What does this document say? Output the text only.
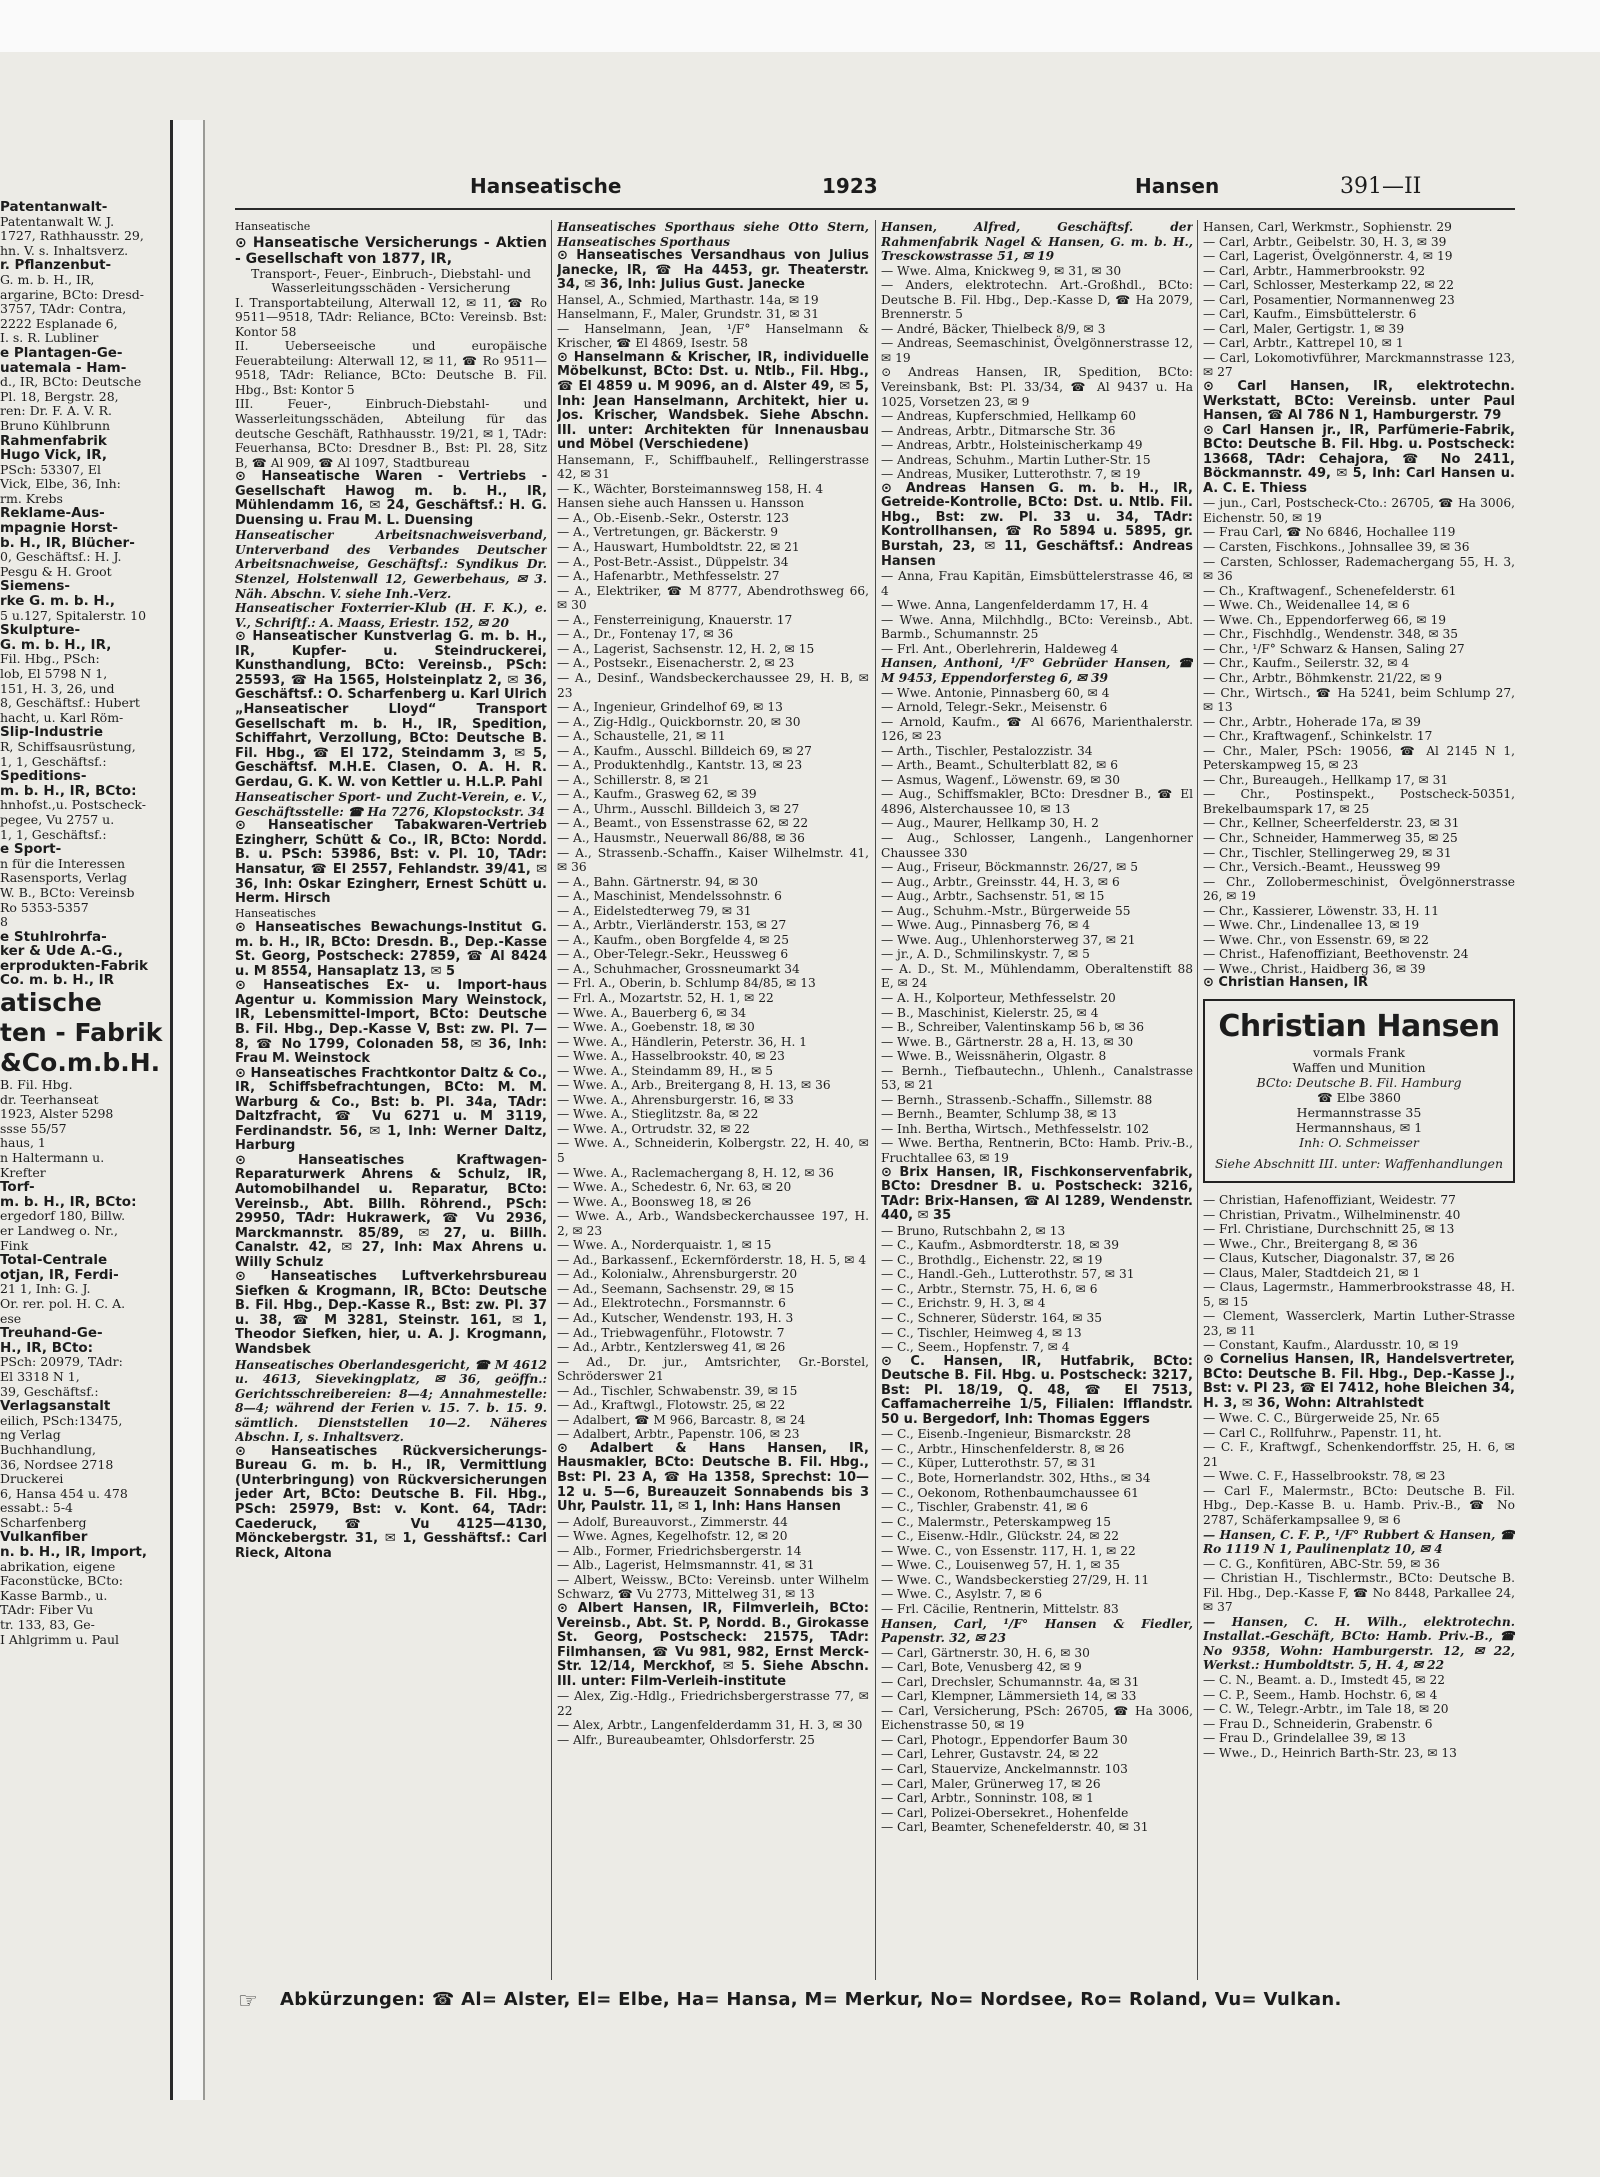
Patentanwalt-
Patentanwalt W. J.
1727, Rathhausstr. 29,
hn. V. s. Inhaltsverz.
r. Pflanzenbut-
G. m. b. H., IR,
argarine, BCto: Dresd-
3757, TAdr: Contra,
2222 Esplanade 6,
I. s. R. Lubliner
e Plantagen-Ge-
uatemala - Ham-
d., IR, BCto: Deutsche
Pl. 18, Bergstr. 28,
ren: Dr. F. A. V. R.
Bruno Kühlbrunn
Rahmenfabrik
Hugo Vick, IR,
PSch: 53307, El
Vick, Elbe, 36, Inh:
rm. Krebs
Reklame-Aus-
mpagnie Horst-
b. H., IR, Blücher-
0, Geschäftsf.: H. J.
Pesgu & H. Groot
Siemens-
rke G. m. b. H.,
5 u.127, Spitalerstr. 10
Skulpture-
G. m. b. H., IR,
Fil. Hbg., PSch:
lob, El 5798 N 1,
151, H. 3, 26, und
8, Geschäftsf.: Hubert
hacht, u. Karl Röm-
Slip-Industrie
R, Schiffsausrüstung,
1, 1, Geschäftsf.:
Speditions-
m. b. H., IR, BCto:
hnhofst.,u. Postscheck-
pegee, Vu 2757 u.
1, 1, Geschäftsf.:
e Sport-
n für die Interessen
Rasensports, Verlag
W. B., BCto: Vereinsb
Ro 5353-5357
8
e Stuhlrohrfa-
ker & Ude A.-G.,
erprodukten-Fabrik
Co. m. b. H., IR
atische
ten - Fabrik
&Co.m.b.H.
B. Fil. Hbg.
dr. Teerhanseat
1923, Alster 5298
ssse 55/57
haus, 1
n Haltermann u.
Krefter
Torf-
m. b. H., IR, BCto:
ergedorf 180, Billw.
er Landweg o. Nr.,
Fink
Total-Centrale
otjan, IR, Ferdi-
21 1, Inh: G. J.
Or. rer. pol. H. C. A.
ese
Treuhand-Ge-
H., IR, BCto:
PSch: 20979, TAdr:
El 3318 N 1,
39, Geschäftsf.:
Verlagsanstalt
eilich, PSch:13475,
ng Verlag
Buchhandlung,
36, Nordsee 2718
Druckerei
6, Hansa 454 u. 478
essabt.: 5-4
Scharfenberg
Vulkanfiber
n. b. H., IR, Import,
abrikation, eigene
Faconstücke, BCto:
Kasse Barmb., u.
TAdr: Fiber Vu
tr. 133, 83, Ge-
I Ahlgrimm u. Paul
Hanseatische	1923	Hansen	391—II
Hanseatische
⊙ Hanseatische Versicherungs - Aktien - Gesellschaft von 1877, IR,
Transport-, Feuer-, Einbruch-, Diebstahl- und Wasserleitungsschäden - Versicherung
I. Transportabteilung, Alterwall 12, ✉ 11, ☎ Ro 9511—9518, TAdr: Reliance, BCto: Vereinsb. Bst: Kontor 58
II. Ueberseeische und europäische Feuerabteilung: Alterwall 12, ✉ 11, ☎ Ro 9511—9518, TAdr: Reliance, BCto: Deutsche B. Fil. Hbg., Bst: Kontor 5
III. Feuer-, Einbruch-Diebstahl- und Wasserleitungsschäden, Abteilung für das deutsche Geschäft, Rathhausstr. 19/21, ✉ 1, TAdr: Feuerhansa, BCto: Dresdner B., Bst: Pl. 28, Sitz B, ☎ Al 909, ☎ Al 1097, Stadtbureau
⊙ Hanseatische Waren - Vertriebs - Gesellschaft Hawog m. b. H., IR, Mühlendamm 16, ✉ 24, Geschäftsf.: H. G. Duensing u. Frau M. L. Duensing
Hanseatischer Arbeitsnachweisverband, Unterverband des Verbandes Deutscher Arbeitsnachweise, Geschäftsf.: Syndikus Dr. Stenzel, Holstenwall 12, Gewerbehaus, ✉ 3. Näh. Abschn. V. siehe Inh.-Verz.
Hanseatischer Foxterrier-Klub (H. F. K.), e. V., Schriftf.: A. Maass, Eriestr. 152, ✉ 20
⊙ Hanseatischer Kunstverlag G. m. b. H., IR, Kupfer- u. Steindruckerei, Kunsthandlung, BCto: Vereinsb., PSch: 25593, ☎ Ha 1565, Holsteinplatz 2, ✉ 36, Geschäftsf.: O. Scharfenberg u. Karl Ulrich
„Hanseatischer Lloyd“ Transport Gesellschaft m. b. H., IR, Spedition, Schiffahrt, Verzollung, BCto: Deutsche B. Fil. Hbg., ☎ El 172, Steindamm 3, ✉ 5, Geschäftsf. M.H.E. Clasen, O. A. H. R. Gerdau, G. K. W. von Kettler u. H.L.P. Pahl
Hanseatischer Sport- und Zucht-Verein, e. V., Geschäftsstelle: ☎ Ha 7276, Klopstockstr. 34
⊙ Hanseatischer Tabakwaren-Vertrieb Ezingherr, Schütt & Co., IR, BCto: Nordd. B. u. PSch: 53986, Bst: v. Pl. 10, TAdr: Hansatur, ☎ El 2557, Fehlandstr. 39/41, ✉ 36, Inh: Oskar Ezingherr, Ernest Schütt u. Herm. Hirsch
Hanseatisches
⊙ Hanseatisches Bewachungs-Institut G. m. b. H., IR, BCto: Dresdn. B., Dep.-Kasse St. Georg, Postscheck: 27859, ☎ Al 8424 u. M 8554, Hansaplatz 13, ✉ 5
⊙ Hanseatisches Ex- u. Import-haus Agentur u. Kommission Mary Weinstock, IR, Lebensmittel-Import, BCto: Deutsche B. Fil. Hbg., Dep.-Kasse V, Bst: zw. Pl. 7—8, ☎ No 1799, Colonaden 58, ✉ 36, Inh: Frau M. Weinstock
⊙ Hanseatisches Frachtkontor Daltz & Co., IR, Schiffsbefrachtungen, BCto: M. M. Warburg & Co., Bst: b. Pl. 34a, TAdr: Daltzfracht, ☎ Vu 6271 u. M 3119, Ferdinandstr. 56, ✉ 1, Inh: Werner Daltz, Harburg
⊙ Hanseatisches Kraftwagen-Reparaturwerk Ahrens & Schulz, IR, Automobilhandel u. Reparatur, BCto: Vereinsb., Abt. Billh. Röhrend., PSch: 29950, TAdr: Hukrawerk, ☎ Vu 2936, Marckmannstr. 85/89, ✉ 27, u. Billh. Canalstr. 42, ✉ 27, Inh: Max Ahrens u. Willy Schulz
⊙ Hanseatisches Luftverkehrsbureau Siefken & Krogmann, IR, BCto: Deutsche B. Fil. Hbg., Dep.-Kasse R., Bst: zw. Pl. 37 u. 38, ☎ M 3281, Steinstr. 161, ✉ 1, Theodor Siefken, hier, u. A. J. Krogmann, Wandsbek
Hanseatisches Oberlandesgericht, ☎ M 4612 u. 4613, Sievekingplatz, ✉ 36, geöffn.: Gerichtsschreibereien: 8—4; Annahmestelle: 8—4; während der Ferien v. 15. 7. b. 15. 9. sämtlich. Dienststellen 10—2. Näheres Abschn. I, s. Inhaltsverz.
⊙ Hanseatisches Rückversicherungs-Bureau G. m. b. H., IR, Vermittlung (Unterbringung) von Rückversicherungen jeder Art, BCto: Deutsche B. Fil. Hbg., PSch: 25979, Bst: v. Kont. 64, TAdr: Caederuck, ☎ Vu 4125—4130, Mönckebergstr. 31, ✉ 1, Gesshäftsf.: Carl Rieck, Altona
Hanseatisches Sporthaus siehe Otto Stern, Hanseatisches Sporthaus
⊙ Hanseatisches Versandhaus von Julius Janecke, IR, ☎ Ha 4453, gr. Theaterstr. 34, ✉ 36, Inh: Julius Gust. Janecke
Hansel, A., Schmied, Marthastr. 14a, ✉ 19
Hanselmann, F., Maler, Grundstr. 31, ✉ 31
— Hanselmann, Jean, ¹/F° Hanselmann & Krischer, ☎ El 4869, Isestr. 58
⊙ Hanselmann & Krischer, IR, individuelle Möbelkunst, BCto: Dst. u. Ntlb., Fil. Hbg., ☎ El 4859 u. M 9096, an d. Alster 49, ✉ 5, Inh: Jean Hanselmann, Architekt, hier u. Jos. Krischer, Wandsbek. Siehe Abschn. III. unter: Architekten für Innenausbau und Möbel (Verschiedene)
Hansemann, F., Schiffbauhelf., Rellingerstrasse 42, ✉ 31
— K., Wächter, Borsteimannsweg 158, H. 4
Hansen siehe auch Hanssen u. Hansson
— A., Ob.-Eisenb.-Sekr., Osterstr. 123
— A., Vertretungen, gr. Bäckerstr. 9
— A., Hauswart, Humboldtstr. 22, ✉ 21
— A., Post-Betr.-Assist., Düppelstr. 34
— A., Hafenarbtr., Methfesselstr. 27
— A., Elektriker, ☎ M 8777, Abendrothsweg 66, ✉ 30
— A., Fensterreinigung, Knauerstr. 17
— A., Dr., Fontenay 17, ✉ 36
— A., Lagerist, Sachsenstr. 12, H. 2, ✉ 15
— A., Postsekr., Eisenacherstr. 2, ✉ 23
— A., Desinf., Wandsbeckerchaussee 29, H. B, ✉ 23
— A., Ingenieur, Grindelhof 69, ✉ 13
— A., Zig-Hdlg., Quickbornstr. 20, ✉ 30
— A., Schaustelle, 21, ✉ 11
— A., Kaufm., Ausschl. Billdeich 69, ✉ 27
— A., Produktenhdlg., Kantstr. 13, ✉ 23
— A., Schillerstr. 8, ✉ 21
— A., Kaufm., Grasweg 62, ✉ 39
— A., Uhrm., Ausschl. Billdeich 3, ✉ 27
— A., Beamt., von Essenstrasse 62, ✉ 22
— A., Hausmstr., Neuerwall 86/88, ✉ 36
— A., Strassenb.-Schaffn., Kaiser Wilhelmstr. 41, ✉ 36
— A., Bahn. Gärtnerstr. 94, ✉ 30
— A., Maschinist, Mendelssohnstr. 6
— A., Eidelstedterweg 79, ✉ 31
— A., Arbtr., Vierländerstr. 153, ✉ 27
— A., Kaufm., oben Borgfelde 4, ✉ 25
— A., Ober-Telegr.-Sekr., Heussweg 6
— A., Schuhmacher, Grossneumarkt 34
— Frl. A., Oberin, b. Schlump 84/85, ✉ 13
— Frl. A., Mozartstr. 52, H. 1, ✉ 22
— Wwe. A., Bauerberg 6, ✉ 34
— Wwe. A., Goebenstr. 18, ✉ 30
— Wwe. A., Händlerin, Peterstr. 36, H. 1
— Wwe. A., Hasselbrookstr. 40, ✉ 23
— Wwe. A., Steindamm 89, H., ✉ 5
— Wwe. A., Arb., Breitergang 8, H. 13, ✉ 36
— Wwe. A., Ahrensburgerstr. 16, ✉ 33
— Wwe. A., Stieglitzstr. 8a, ✉ 22
— Wwe. A., Ortrudstr. 32, ✉ 22
— Wwe. A., Schneiderin, Kolbergstr. 22, H. 40, ✉ 5
— Wwe. A., Raclemachergang 8, H. 12, ✉ 36
— Wwe. A., Schedestr. 6, Nr. 63, ✉ 20
— Wwe. A., Boonsweg 18, ✉ 26
— Wwe. A., Arb., Wandsbeckerchaussee 197, H. 2, ✉ 23
— Wwe. A., Norderquaistr. 1, ✉ 15
— Ad., Barkassenf., Eckernförderstr. 18, H. 5, ✉ 4
— Ad., Kolonialw., Ahrensburgerstr. 20
— Ad., Seemann, Sachsenstr. 29, ✉ 15
— Ad., Elektrotechn., Forsmannstr. 6
— Ad., Kutscher, Wendenstr. 193, H. 3
— Ad., Triebwagenführ., Flotowstr. 7
— Ad., Arbtr., Kentzlersweg 41, ✉ 26
— Ad., Dr. jur., Amtsrichter, Gr.-Borstel, Schröderswег 21
— Ad., Tischler, Schwabenstr. 39, ✉ 15
— Ad., Kraftwgl., Flotowstr. 25, ✉ 22
— Adalbert, ☎ M 966, Barcastr. 8, ✉ 24
— Adalbert, Arbtr., Papenstr. 106, ✉ 23
⊙ Adalbert & Hans Hansen, IR, Hausmakler, BCto: Deutsche B. Fil. Hbg., Bst: Pl. 23 A, ☎ Ha 1358, Sprechst: 10—12 u. 5—6, Bureauzeit Sonnabends bis 3 Uhr, Paulstr. 11, ✉ 1, Inh: Hans Hansen
— Adolf, Bureauvorst., Zimmerstr. 44
— Wwe. Agnes, Kegelhofstr. 12, ✉ 20
— Alb., Former, Friedrichsbergerstr. 14
— Alb., Lagerist, Helmsmannstr. 41, ✉ 31
— Albert, Weissw., BCto: Vereinsb. unter Wilhelm Schwarz, ☎ Vu 2773, Mittelweg 31, ✉ 13
⊙ Albert Hansen, IR, Filmverleih, BCto: Vereinsb., Abt. St. P, Nordd. B., Girokasse St. Georg, Postscheck: 21575, TAdr: Filmhansen, ☎ Vu 981, 982, Ernst Merck-Str. 12/14, Merckhof, ✉ 5. Siehe Abschn. III. unter: Film-Verleih-institute
— Alex, Zig.-Hdlg., Friedrichsbergerstrasse 77, ✉ 22
— Alex, Arbtr., Langenfelderdamm 31, H. 3, ✉ 30
— Alfr., Bureaubeamter, Ohlsdorferstr. 25
Hansen, Alfred, Geschäftsf. der Rahmenfabrik Nagel & Hansen, G. m. b. H., Tresckowstrasse 51, ✉ 19
— Wwe. Alma, Knickweg 9, ✉ 31, ✉ 30
— Anders, elektrotechn. Art.-Großhdl., BCto: Deutsche B. Fil. Hbg., Dep.-Kasse D, ☎ Ha 2079, Brennerstr. 5
— André, Bäcker, Thielbeck 8/9, ✉ 3
— Andreas, Seemaschinist, Övelgönnerstrasse 12, ✉ 19
⊙ Andreas Hansen, IR, Spedition, BCto: Vereinsbank, Bst: Pl. 33/34, ☎ Al 9437 u. Ha 1025, Vorsetzen 23, ✉ 9
— Andreas, Kupferschmied, Hellkamp 60
— Andreas, Arbtr., Ditmarsche Str. 36
— Andreas, Arbtr., Holsteinischerkamp 49
— Andreas, Schuhm., Martin Luther-Str. 15
— Andreas, Musiker, Lutterothstr. 7, ✉ 19
⊙ Andreas Hansen G. m. b. H., IR, Getreide-Kontrolle, BCto: Dst. u. Ntlb. Fil. Hbg., Bst: zw. Pl. 33 u. 34, TAdr: Kontrollhansen, ☎ Ro 5894 u. 5895, gr. Burstah, 23, ✉ 11, Geschäftsf.: Andreas Hansen
— Anna, Frau Kapitän, Eimsbüttelerstrasse 46, ✉ 4
— Wwe. Anna, Langenfelderdamm 17, H. 4
— Wwe. Anna, Milchhdlg., BCto: Vereinsb., Abt. Barmb., Schumannstr. 25
— Frl. Ant., Oberlehrerin, Haldeweg 4
Hansen, Anthoni, ¹/F° Gebrüder Hansen, ☎ M 9453, Eppendorfersteg 6, ✉ 39
— Wwe. Antonie, Pinnasberg 60, ✉ 4
— Arnold, Telegr.-Sekr., Meisenstr. 6
— Arnold, Kaufm., ☎ Al 6676, Marienthalerstr. 126, ✉ 23
— Arth., Tischler, Pestalozzistr. 34
— Arth., Beamt., Schulterblatt 82, ✉ 6
— Asmus, Wagenf., Löwenstr. 69, ✉ 30
— Aug., Schiffsmakler, BCto: Dresdner B., ☎ El 4896, Alsterchaussee 10, ✉ 13
— Aug., Maurer, Hellkamp 30, H. 2
— Aug., Schlosser, Langenh., Langenhorner Chaussee 330
— Aug., Friseur, Böckmannstr. 26/27, ✉ 5
— Aug., Arbtr., Greinsstr. 44, H. 3, ✉ 6
— Aug., Arbtr., Sachsenstr. 51, ✉ 15
— Aug., Schuhm.-Mstr., Bürgerweide 55
— Wwe. Aug., Pinnasberg 76, ✉ 4
— Wwe. Aug., Uhlenhorsterweg 37, ✉ 21
— jr., A. D., Schmilinskystr. 7, ✉ 5
— A. D., St. M., Mühlendamm, Oberaltenstift 88 E, ✉ 24
— A. H., Kolporteur, Methfesselstr. 20
— B., Maschinist, Kielerstr. 25, ✉ 4
— B., Schreiber, Valentinskamp 56 b, ✉ 36
— Wwe. B., Gärtnerstr. 28 a, H. 13, ✉ 30
— Wwe. B., Weissnäherin, Olgastr. 8
— Bernh., Tiefbautechn., Uhlenh., Canalstrasse 53, ✉ 21
— Bernh., Strassenb.-Schaffn., Sillemstr. 88
— Bernh., Beamter, Schlump 38, ✉ 13
— Inh. Bertha, Wirtsch., Methfesselstr. 102
— Wwe. Bertha, Rentnerin, BCto: Hamb. Priv.-B., Fruchtallee 63, ✉ 19
⊙ Brix Hansen, IR, Fischkonservenfabrik, BCto: Dresdner B. u. Postscheck: 3216, TAdr: Brix-Hansen, ☎ Al 1289, Wendenstr. 440, ✉ 35
— Bruno, Rutschbahn 2, ✉ 13
— C., Kaufm., Asbmordterstr. 18, ✉ 39
— C., Brothdlg., Eichenstr. 22, ✉ 19
— C., Handl.-Geh., Lutterothstr. 57, ✉ 31
— C., Arbtr., Sternstr. 75, H. 6, ✉ 6
— C., Erichstr. 9, H. 3, ✉ 4
— C., Schnerer, Süderstr. 164, ✉ 35
— C., Tischler, Heimweg 4, ✉ 13
— C., Seem., Hopfenstr. 7, ✉ 4
⊙ C. Hansen, IR, Hutfabrik, BCto: Deutsche B. Fil. Hbg. u. Postscheck: 3217, Bst: Pl. 18/19, Q. 48, ☎ El 7513, Caffamacherreihe 1/5, Filialen: Ifflandstr. 50 u. Bergedorf, Inh: Thomas Eggers
— C., Eisenb.-Ingenieur, Bismarckstr. 28
— C., Arbtr., Hinschenfelderstr. 8, ✉ 26
— C., Küper, Lutterothstr. 57, ✉ 31
— C., Bote, Hornerlandstr. 302, Hths., ✉ 34
— C., Oekonom, Rothenbaumchaussee 61
— C., Tischler, Grabenstr. 41, ✉ 6
— C., Malermstr., Peterskampweg 15
— C., Eisenw.-Hdlr., Glückstr. 24, ✉ 22
— Wwe. C., von Essenstr. 117, H. 1, ✉ 22
— Wwe. C., Louisenweg 57, H. 1, ✉ 35
— Wwe. C., Wandsbeckerstieg 27/29, H. 11
— Wwe. C., Asylstr. 7, ✉ 6
— Frl. Cäcilie, Rentnerin, Mittelstr. 83
Hansen, Carl, ¹/F° Hansen & Fiedler, Papenstr. 32, ✉ 23
— Carl, Gärtnerstr. 30, H. 6, ✉ 30
— Carl, Bote, Venusberg 42, ✉ 9
— Carl, Drechsler, Schumannstr. 4a, ✉ 31
— Carl, Klempner, Lämmersieth 14, ✉ 33
— Carl, Versicherung, PSch: 26705, ☎ Ha 3006, Eichenstrasse 50, ✉ 19
— Carl, Photogr., Eppendorfer Baum 30
— Carl, Lehrer, Gustavstr. 24, ✉ 22
— Carl, Stauervize, Anckelmannstr. 103
— Carl, Maler, Grünerweg 17, ✉ 26
— Carl, Arbtr., Sonninstr. 108, ✉ 1
— Carl, Polizei-Obersekret., Hohenfelde
— Carl, Beamter, Schenefelderstr. 40, ✉ 31
Hansen, Carl, Werkmstr., Sophienstr. 29
— Carl, Arbtr., Geibelstr. 30, H. 3, ✉ 39
— Carl, Lagerist, Övelgönnerstr. 4, ✉ 19
— Carl, Arbtr., Hammerbrookstr. 92
— Carl, Schlosser, Mesterkamp 22, ✉ 22
— Carl, Posamentier, Normannenweg 23
— Carl, Kaufm., Eimsbüttelerstr. 6
— Carl, Maler, Gertigstr. 1, ✉ 39
— Carl, Arbtr., Kattrepel 10, ✉ 1
— Carl, Lokomotivführer, Marckmannstrasse 123, ✉ 27
⊙ Carl Hansen, IR, elektrotechn. Werkstatt, BCto: Vereinsb. unter Paul Hansen, ☎ Al 786 N 1, Hamburgerstr. 79
⊙ Carl Hansen jr., IR, Parfümerie-Fabrik, BCto: Deutsche B. Fil. Hbg. u. Postscheck: 13668, TAdr: Cehajora, ☎ No 2411, Böckmannstr. 49, ✉ 5, Inh: Carl Hansen u. A. C. E. Thiess
— jun., Carl, Postscheck-Cto.: 26705, ☎ Ha 3006, Eichenstr. 50, ✉ 19
— Frau Carl, ☎ No 6846, Hochallee 119
— Carsten, Fischkons., Johnsallee 39, ✉ 36
— Carsten, Schlosser, Rademachergang 55, H. 3, ✉ 36
— Ch., Kraftwagenf., Schenefelderstr. 61
— Wwe. Ch., Weidenallee 14, ✉ 6
— Wwe. Ch., Eppendorferweg 66, ✉ 19
— Chr., Fischhdlg., Wendenstr. 348, ✉ 35
— Chr., ¹/F° Schwarz & Hansen, Saling 27
— Chr., Kaufm., Seilerstr. 32, ✉ 4
— Chr., Arbtr., Böhmkenstr. 21/22, ✉ 9
— Chr., Wirtsch., ☎ Ha 5241, beim Schlump 27, ✉ 13
— Chr., Arbtr., Hoherade 17a, ✉ 39
— Chr., Kraftwagenf., Schinkelstr. 17
— Chr., Maler, PSch: 19056, ☎ Al 2145 N 1, Peterskampweg 15, ✉ 23
— Chr., Bureaugeh., Hellkamp 17, ✉ 31
— Chr., Postinspekt., Postscheck-50351, Brekelbaumspark 17, ✉ 25
— Chr., Kellner, Scheerfelderstr. 23, ✉ 31
— Chr., Schneider, Hammerweg 35, ✉ 25
— Chr., Tischler, Stellingerweg 29, ✉ 31
— Chr., Versich.-Beamt., Heussweg 99
— Chr., Zollobermeschinist, Övelgönnerstrasse 26, ✉ 19
— Chr., Kassierer, Löwenstr. 33, H. 11
— Wwe. Chr., Lindenallee 13, ✉ 19
— Wwe. Chr., von Essenstr. 69, ✉ 22
— Christ., Hafenoffiziant, Beethovenstr. 24
— Wwe., Christ., Haidberg 36, ✉ 39
⊙ Christian Hansen, IR
Christian Hansen
vormals Frank
Waffen und Munition
BCto: Deutsche B. Fil. Hamburg
☎ Elbe 3860
Hermannstrasse 35
Hermannshaus, ✉ 1
Inh: O. Schmeisser
Siehe Abschnitt III. unter: Waffenhandlungen
— Christian, Hafenoffiziant, Weidestr. 77
— Christian, Privatm., Wilhelminenstr. 40
— Frl. Christiane, Durchschnitt 25, ✉ 13
— Wwe., Chr., Breitergang 8, ✉ 36
— Claus, Kutscher, Diagonalstr. 37, ✉ 26
— Claus, Maler, Stadtdeich 21, ✉ 1
— Claus, Lagermstr., Hammerbrookstrasse 48, H. 5, ✉ 15
— Clement, Wasserclerk, Martin Luther-Strasse 23, ✉ 11
— Constant, Kaufm., Alardusstr. 10, ✉ 19
⊙ Cornelius Hansen, IR, Handelsvertreter, BCto: Deutsche B. Fil. Hbg., Dep.-Kasse J., Bst: v. Pl 23, ☎ El 7412, hohe Bleichen 34, H. 3, ✉ 36, Wohn: Altrahlstedt
— Wwe. C. C., Bürgerweide 25, Nr. 65
— Carl C., Rollfuhrw., Papenstr. 11, ht.
— C. F., Kraftwgf., Schenkendorffstr. 25, H. 6, ✉ 21
— Wwe. C. F., Hasselbrookstr. 78, ✉ 23
— Carl F., Malermstr., BCto: Deutsche B. Fil. Hbg., Dep.-Kasse B. u. Hamb. Priv.-B., ☎ No 2787, Schäferkampsallee 9, ✉ 6
— Hansen, C. F. P., ¹/F° Rubbert & Hansen, ☎ Ro 1119 N 1, Paulinenplatz 10, ✉ 4
— C. G., Konfitüren, ABC-Str. 59, ✉ 36
— Christian H., Tischlermstr., BCto: Deutsche B. Fil. Hbg., Dep.-Kasse F, ☎ No 8448, Parkallee 24, ✉ 37
— Hansen, C. H. Wilh., elektrotechn. Installat.-Geschäft, BCto: Hamb. Priv.-B., ☎ No 9358, Wohn: Hamburgerstr. 12, ✉ 22, Werkst.: Humboldtstr. 5, H. 4, ✉ 22
— C. N., Beamt. a. D., Imstedt 45, ✉ 22
— C. P., Seem., Hamb. Hochstr. 6, ✉ 4
— C. W., Telegr.-Arbtr., im Tale 18, ✉ 20
— Frau D., Schneiderin, Grabenstr. 6
— Frau D., Grindelallee 39, ✉ 13
— Wwe., D., Heinrich Barth-Str. 23, ✉ 13
☞ Abkürzungen: ☎ Al= Alster, El= Elbe, Ha= Hansa, M= Merkur, No= Nordsee, Ro= Roland, Vu= Vulkan.
